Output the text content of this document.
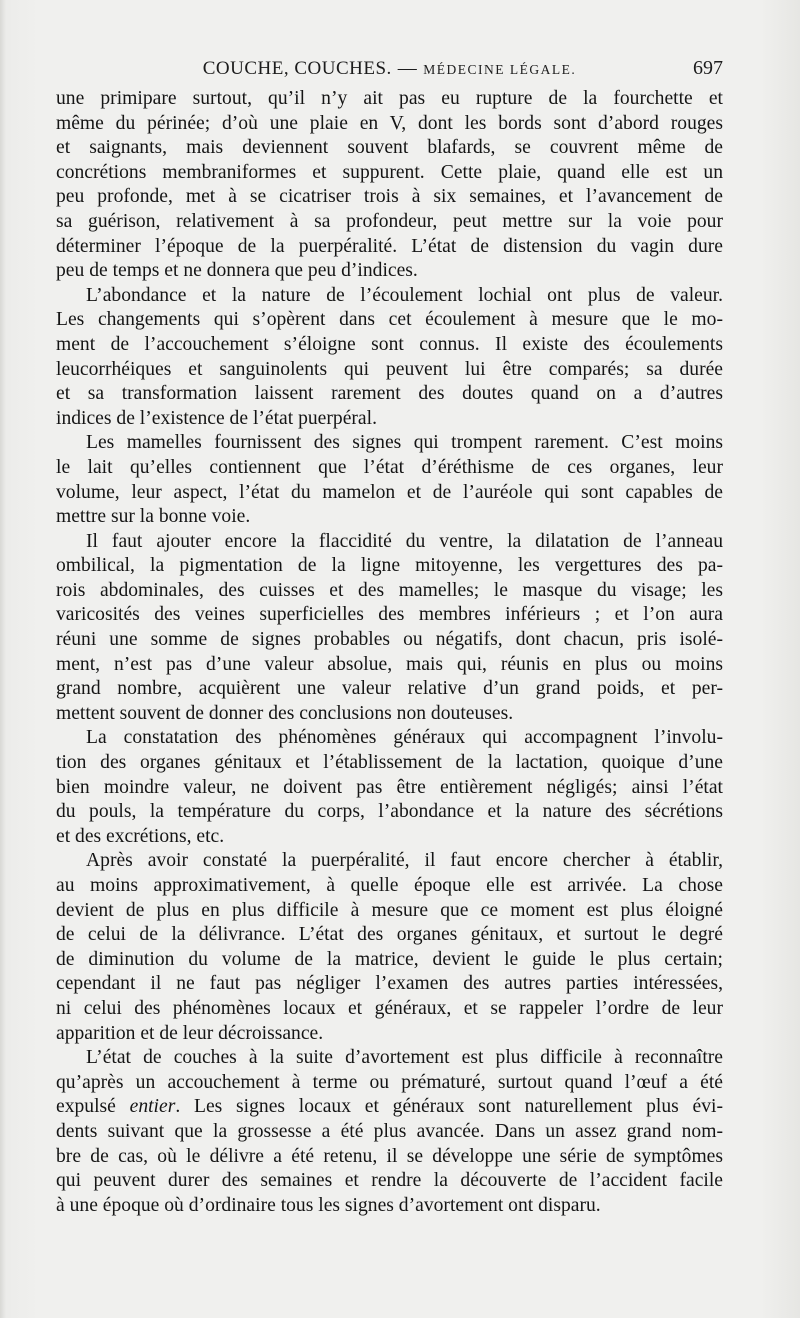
COUCHE, COUCHES. — MÉDECINE LÉGALE.	697
une primipare surtout, qu’il n’y ait pas eu rupture de la fourchette et
même du périnée; d’où une plaie en V, dont les bords sont d’abord rouges
et saignants, mais deviennent souvent blafards, se couvrent même de
concrétions membraniformes et suppurent. Cette plaie, quand elle est un
peu profonde, met à se cicatriser trois à six semaines, et l’avancement de
sa guérison, relativement à sa profondeur, peut mettre sur la voie pour
déterminer l’époque de la puerpéralité. L’état de distension du vagin dure
peu de temps et ne donnera que peu d’indices.
L’abondance et la nature de l’écoulement lochial ont plus de valeur.
Les changements qui s’opèrent dans cet écoulement à mesure que le mo-
ment de l’accouchement s’éloigne sont connus. Il existe des écoulements
leucorrhéiques et sanguinolents qui peuvent lui être comparés; sa durée
et sa transformation laissent rarement des doutes quand on a d’autres
indices de l’existence de l’état puerpéral.
Les mamelles fournissent des signes qui trompent rarement. C’est moins
le lait qu’elles contiennent que l’état d’éréthisme de ces organes, leur
volume, leur aspect, l’état du mamelon et de l’auréole qui sont capables de
mettre sur la bonne voie.
Il faut ajouter encore la flaccidité du ventre, la dilatation de l’anneau
ombilical, la pigmentation de la ligne mitoyenne, les vergettures des pa-
rois abdominales, des cuisses et des mamelles; le masque du visage; les
varicosités des veines superficielles des membres inférieurs ; et l’on aura
réuni une somme de signes probables ou négatifs, dont chacun, pris isolé-
ment, n’est pas d’une valeur absolue, mais qui, réunis en plus ou moins
grand nombre, acquièrent une valeur relative d’un grand poids, et per-
mettent souvent de donner des conclusions non douteuses.
La constatation des phénomènes généraux qui accompagnent l’involu-
tion des organes génitaux et l’établissement de la lactation, quoique d’une
bien moindre valeur, ne doivent pas être entièrement négligés; ainsi l’état
du pouls, la température du corps, l’abondance et la nature des sécrétions
et des excrétions, etc.
Après avoir constaté la puerpéralité, il faut encore chercher à établir,
au moins approximativement, à quelle époque elle est arrivée. La chose
devient de plus en plus difficile à mesure que ce moment est plus éloigné
de celui de la délivrance. L’état des organes génitaux, et surtout le degré
de diminution du volume de la matrice, devient le guide le plus certain;
cependant il ne faut pas négliger l’examen des autres parties intéressées,
ni celui des phénomènes locaux et généraux, et se rappeler l’ordre de leur
apparition et de leur décroissance.
L’état de couches à la suite d’avortement est plus difficile à reconnaître
qu’après un accouchement à terme ou prématuré, surtout quand l’œuf a été
expulsé entier. Les signes locaux et généraux sont naturellement plus évi-
dents suivant que la grossesse a été plus avancée. Dans un assez grand nom-
bre de cas, où le délivre a été retenu, il se développe une série de symptômes
qui peuvent durer des semaines et rendre la découverte de l’accident facile
à une époque où d’ordinaire tous les signes d’avortement ont disparu.
